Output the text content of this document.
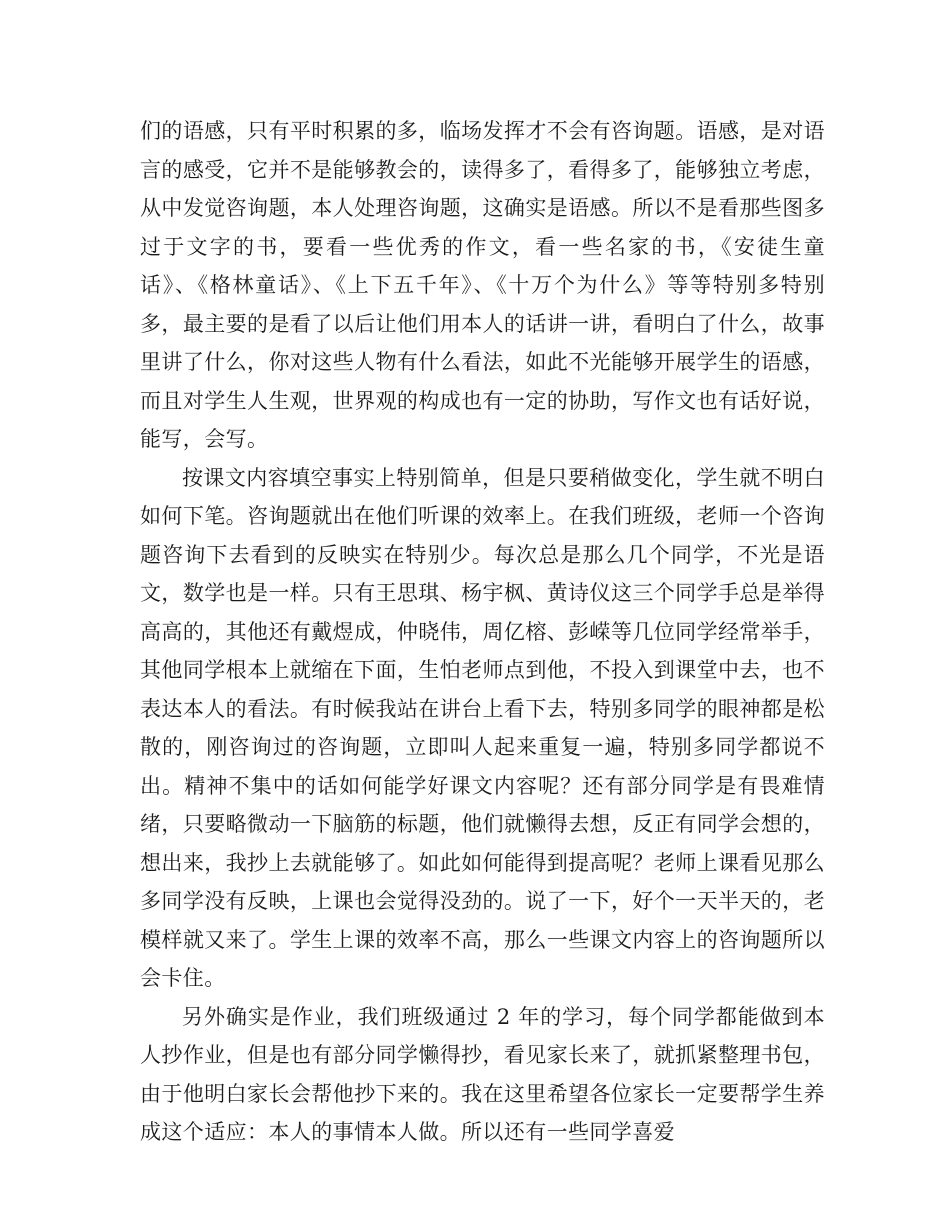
们的语感，只有平时积累的多，临场发挥才不会有咨询题。语感，是对语言的感受，它并不是能够教会的，读得多了，看得多了，能够独立考虑，从中发觉咨询题，本人处理咨询题，这确实是语感。所以不是看那些图多过于文字的书，要看一些优秀的作文，看一些名家的书，《安徒生童话》、《格林童话》、《上下五千年》、《十万个为什么》等等特别多特别多，最主要的是看了以后让他们用本人的话讲一讲，看明白了什么，故事里讲了什么，你对这些人物有什么看法，如此不光能够开展学生的语感，而且对学生人生观，世界观的构成也有一定的协助，写作文也有话好说，能写，会写。

按课文内容填空事实上特别简单，但是只要稍做变化，学生就不明白如何下笔。咨询题就出在他们听课的效率上。在我们班级，老师一个咨询题咨询下去看到的反映实在特别少。每次总是那么几个同学，不光是语文，数学也是一样。只有王思琪、杨宇枫、黄诗仪这三个同学手总是举得高高的，其他还有戴煜成，仲晓伟，周亿榕、彭嵘等几位同学经常举手，其他同学根本上就缩在下面，生怕老师点到他，不投入到课堂中去，也不表达本人的看法。有时候我站在讲台上看下去，特别多同学的眼神都是松散的，刚咨询过的咨询题，立即叫人起来重复一遍，特别多同学都说不出。精神不集中的话如何能学好课文内容呢？还有部分同学是有畏难情绪，只要略微动一下脑筋的标题，他们就懒得去想，反正有同学会想的，想出来，我抄上去就能够了。如此如何能得到提高呢？老师上课看见那么多同学没有反映，上课也会觉得没劲的。说了一下，好个一天半天的，老模样就又来了。学生上课的效率不高，那么一些课文内容上的咨询题所以会卡住。

另外确实是作业，我们班级通过 2 年的学习，每个同学都能做到本人抄作业，但是也有部分同学懒得抄，看见家长来了，就抓紧整理书包，由于他明白家长会帮他抄下来的。我在这里希望各位家长一定要帮学生养成这个适应：本人的事情本人做。所以还有一些同学喜爱
